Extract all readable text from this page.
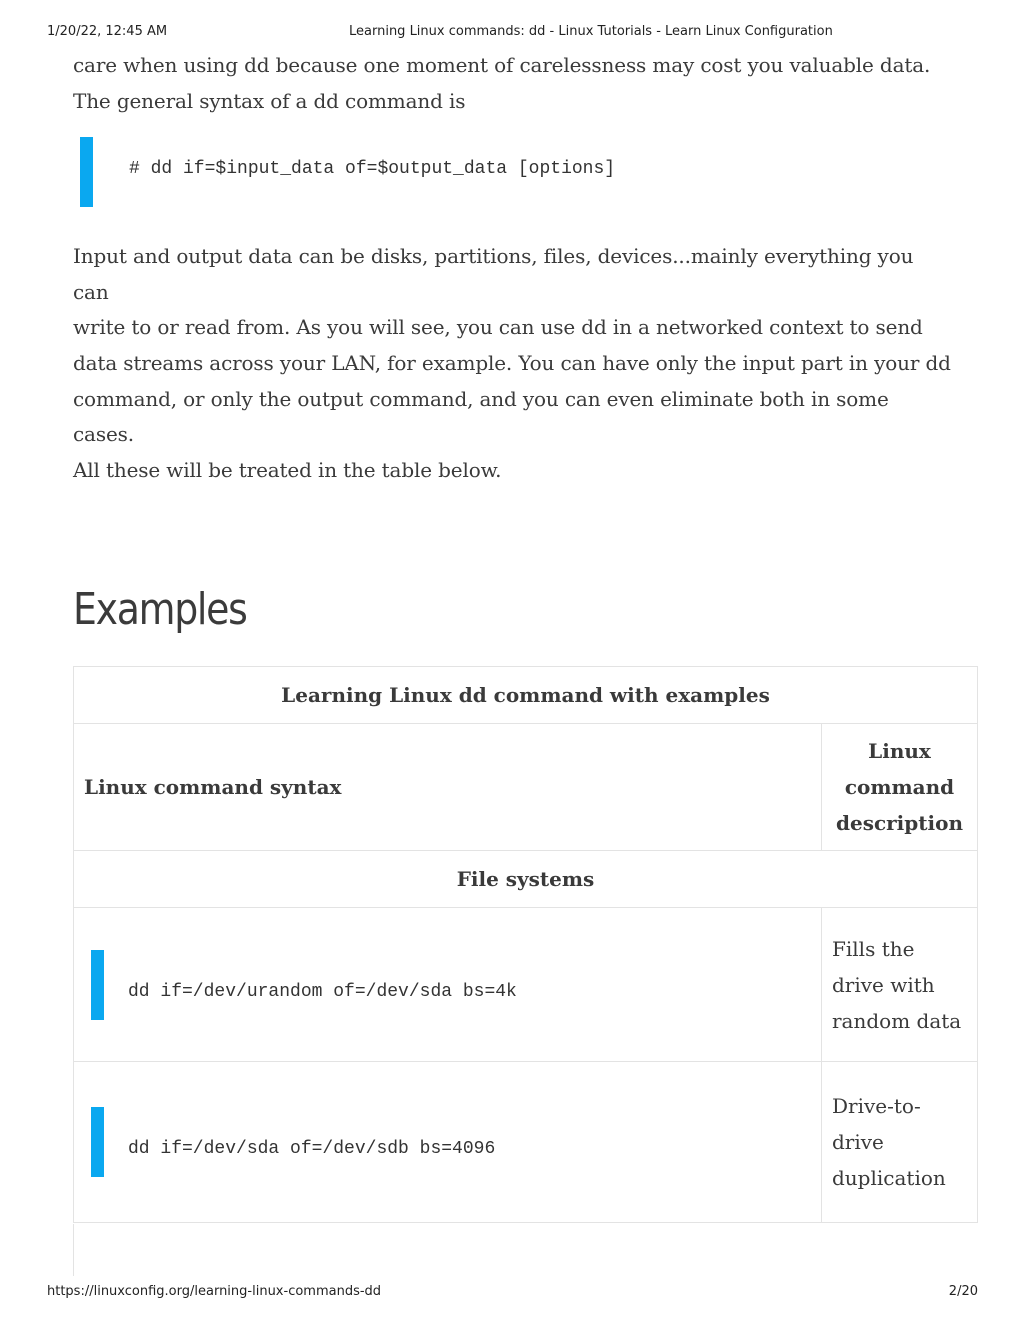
1/20/22, 12:45 AM	Learning Linux commands: dd - Linux Tutorials - Learn Linux Configuration

care when using dd because one moment of carelessness may cost you valuable data.

The general syntax of a dd command is

# dd if=$input_data of=$output_data [options]

Input and output data can be disks, partitions, files, devices...mainly everything you can

write to or read from. As you will see, you can use dd in a networked context to send

data streams across your LAN, for example. You can have only the input part in your dd

command, or only the output command, and you can even eliminate both in some cases.

All these will be treated in the table below.

Examples
Learning Linux dd command with examples	
Linux command syntax	Linux
command
description

File systems	

dd if=/dev/urandom of=/dev/sda bs=4k	Fills the
drive with
random data

dd if=/dev/sda of=/dev/sdb bs=4096	Drive-to-
drive
duplication
https://linuxconfig.org/learning-linux-commands-dd	2/20
